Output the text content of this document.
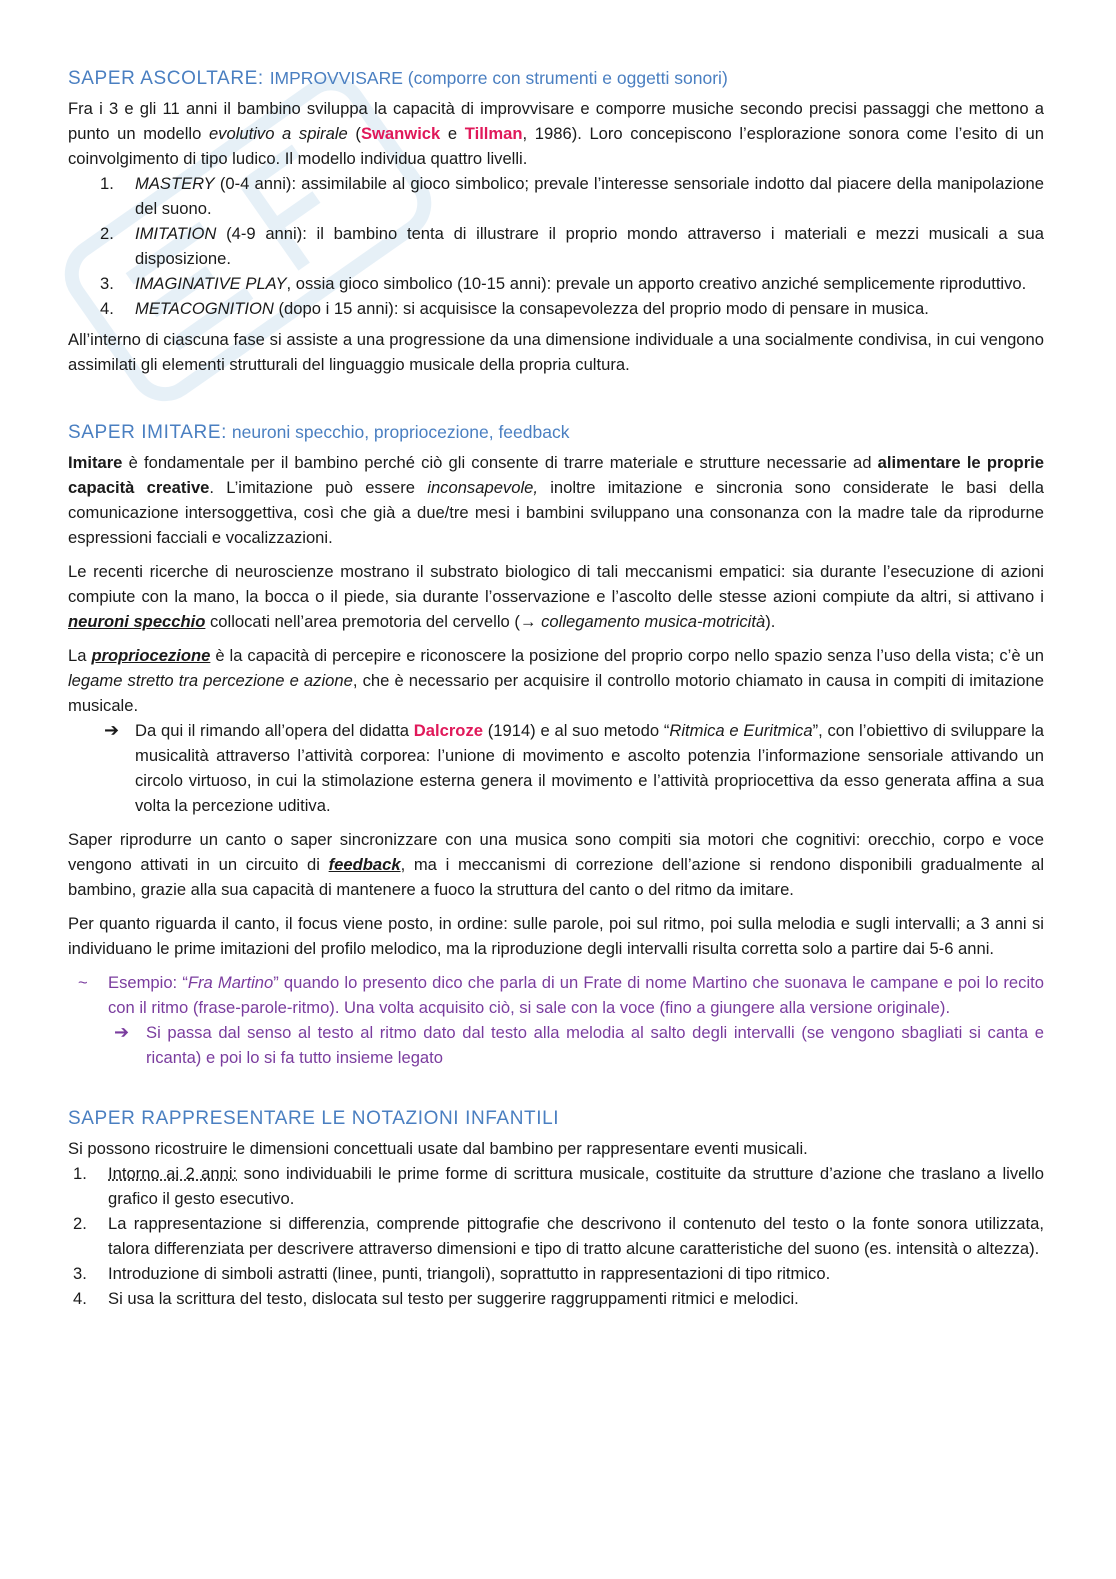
SAPER ASCOLTARE: IMPROVVISARE (comporre con strumenti e oggetti sonori)

Fra i 3 e gli 11 anni il bambino sviluppa la capacità di improvvisare e comporre musiche secondo precisi passaggi che mettono a punto un modello evolutivo a spirale (Swanwick e Tillman, 1986). Loro concepiscono l’esplorazione sonora come l’esito di un coinvolgimento di tipo ludico. Il modello individua quattro livelli.

1. MASTERY (0-4 anni): assimilabile al gioco simbolico; prevale l’interesse sensoriale indotto dal piacere della manipolazione del suono.
2. IMITATION (4-9 anni): il bambino tenta di illustrare il proprio mondo attraverso i materiali e mezzi musicali a sua disposizione.
3. IMAGINATIVE PLAY, ossia gioco simbolico (10-15 anni): prevale un apporto creativo anziché semplicemente riproduttivo.
4. METACOGNITION (dopo i 15 anni): si acquisisce la consapevolezza del proprio modo di pensare in musica.

All’interno di ciascuna fase si assiste a una progressione da una dimensione individuale a una socialmente condivisa, in cui vengono assimilati gli elementi strutturali del linguaggio musicale della propria cultura.

SAPER IMITARE: neuroni specchio, propriocezione, feedback

Imitare è fondamentale per il bambino perché ciò gli consente di trarre materiale e strutture necessarie ad alimentare le proprie capacità creative. L’imitazione può essere inconsapevole, inoltre imitazione e sincronia sono considerate le basi della comunicazione intersoggettiva, così che già a due/tre mesi i bambini sviluppano una consonanza con la madre tale da riprodurne espressioni facciali e vocalizzazioni.

Le recenti ricerche di neuroscienze mostrano il substrato biologico di tali meccanismi empatici: sia durante l’esecuzione di azioni compiute con la mano, la bocca o il piede, sia durante l’osservazione e l’ascolto delle stesse azioni compiute da altri, si attivano i neuroni specchio collocati nell’area premotoria del cervello (→ collegamento musica-motricità).

La propriocezione è la capacità di percepire e riconoscere la posizione del proprio corpo nello spazio senza l’uso della vista; c’è un legame stretto tra percezione e azione, che è necessario per acquisire il controllo motorio chiamato in causa in compiti di imitazione musicale.

➔ Da qui il rimando all’opera del didatta Dalcroze (1914) e al suo metodo “Ritmica e Euritmica”, con l’obiettivo di sviluppare la musicalità attraverso l’attività corporea: l’unione di movimento e ascolto potenzia l’informazione sensoriale attivando un circolo virtuoso, in cui la stimolazione esterna genera il movimento e l’attività propriocettiva da esso generata affina a sua volta la percezione uditiva.

Saper riprodurre un canto o saper sincronizzare con una musica sono compiti sia motori che cognitivi: orecchio, corpo e voce vengono attivati in un circuito di feedback, ma i meccanismi di correzione dell’azione si rendono disponibili gradualmente al bambino, grazie alla sua capacità di mantenere a fuoco la struttura del canto o del ritmo da imitare.

Per quanto riguarda il canto, il focus viene posto, in ordine: sulle parole, poi sul ritmo, poi sulla melodia e sugli intervalli; a 3 anni si individuano le prime imitazioni del profilo melodico, ma la riproduzione degli intervalli risulta corretta solo a partire dai 5-6 anni.

~ Esempio: “Fra Martino” quando lo presento dico che parla di un Frate di nome Martino che suonava le campane e poi lo recito con il ritmo (frase-parole-ritmo). Una volta acquisito ciò, si sale con la voce (fino a giungere alla versione originale).
➔ Si passa dal senso al testo al ritmo dato dal testo alla melodia al salto degli intervalli (se vengono sbagliati si canta e ricanta) e poi lo si fa tutto insieme legato
SAPER RAPPRESENTARE LE NOTAZIONI INFANTILI

Si possono ricostruire le dimensioni concettuali usate dal bambino per rappresentare eventi musicali.

1. Intorno ai 2 anni: sono individuabili le prime forme di scrittura musicale, costituite da strutture d’azione che traslano a livello grafico il gesto esecutivo.
2. La rappresentazione si differenzia, comprende pittografie che descrivono il contenuto del testo o la fonte sonora utilizzata, talora differenziata per descrivere attraverso dimensioni e tipo di tratto alcune caratteristiche del suono (es. intensità o altezza).
3. Introduzione di simboli astratti (linee, punti, triangoli), soprattutto in rappresentazioni di tipo ritmico.
4. Si usa la scrittura del testo, dislocata sul testo per suggerire raggruppamenti ritmici e melodici.
